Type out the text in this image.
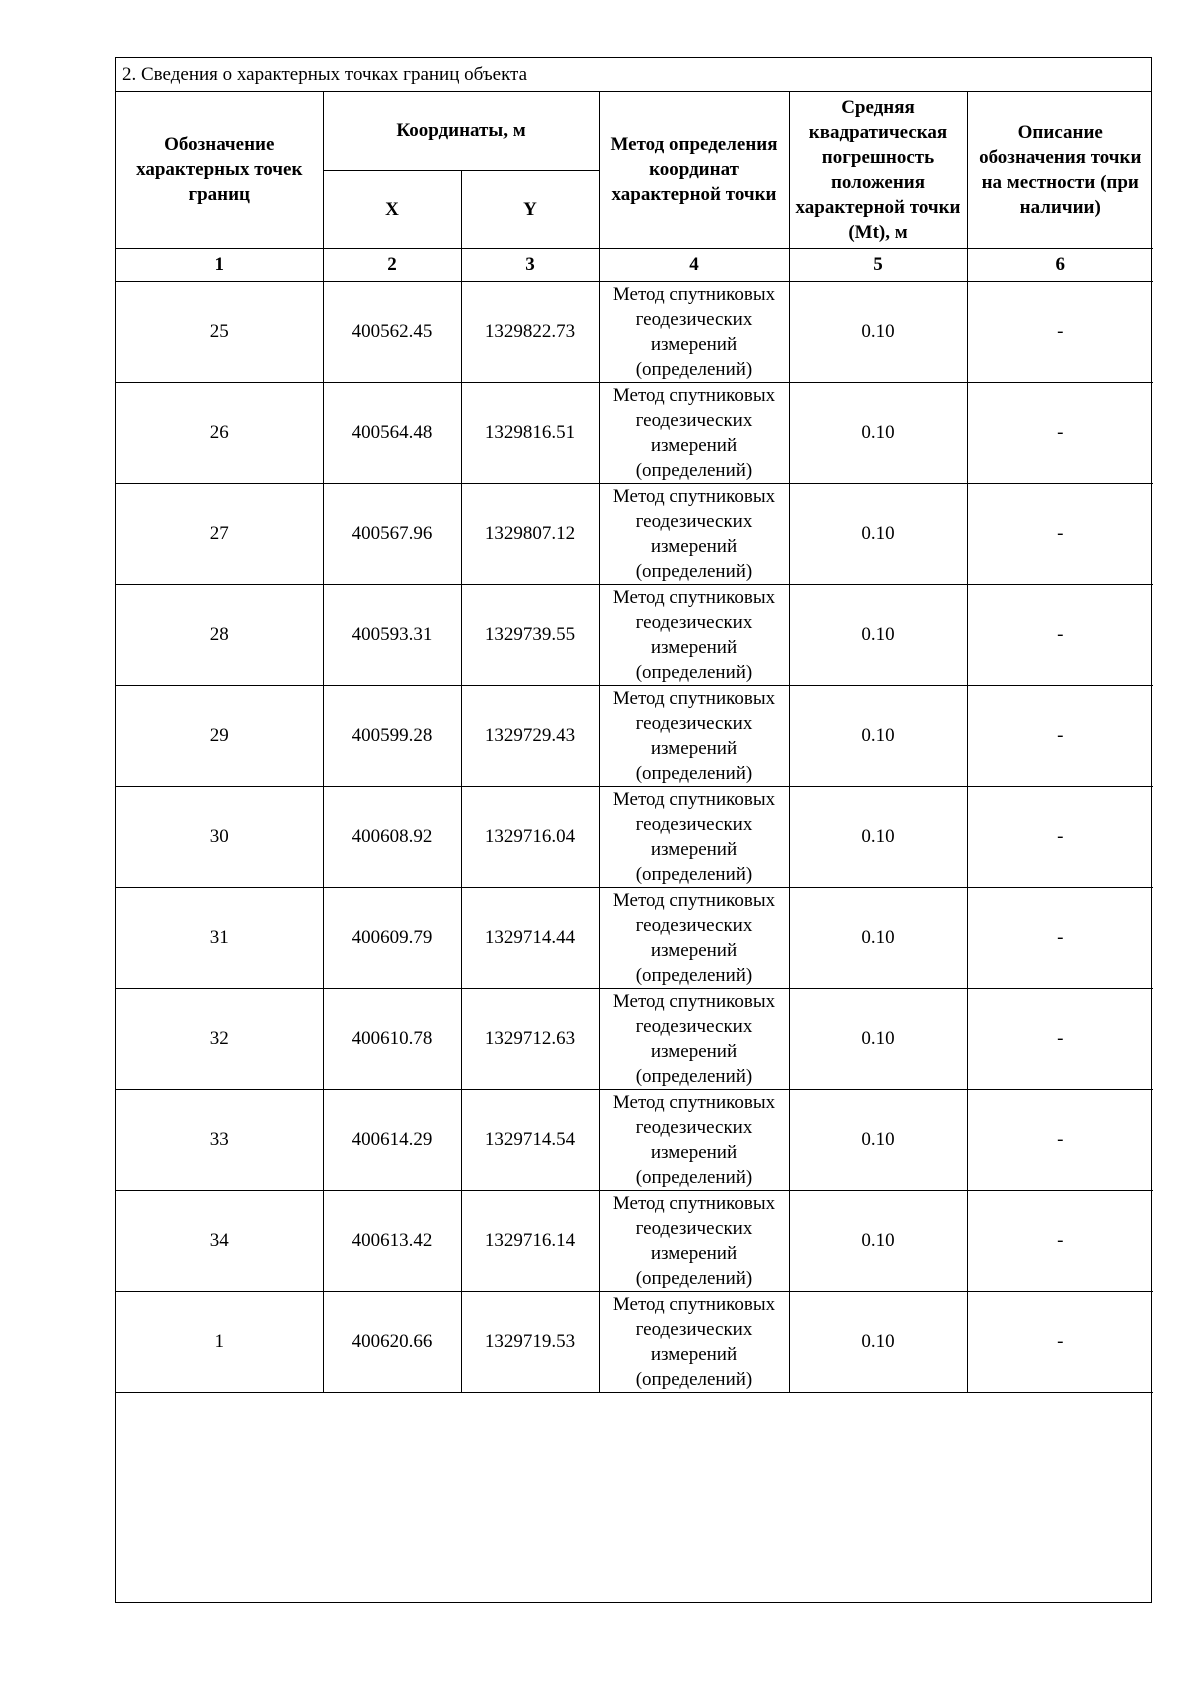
2. Сведения о характерных точках границ объекта
Обозначение характерных точек границ	Координаты, м		Метод определения координат характерной точки	Средняя квадратическая погрешность положения характерной точки (Mt), м	Описание обозначения точки на местности (при наличии)
	X	Y			
1	2	3	4	5	6
25	400562.45	1329822.73	Метод спутниковых геодезических измерений (определений)	0.10	-
26	400564.48	1329816.51	Метод спутниковых геодезических измерений (определений)	0.10	-
27	400567.96	1329807.12	Метод спутниковых геодезических измерений (определений)	0.10	-
28	400593.31	1329739.55	Метод спутниковых геодезических измерений (определений)	0.10	-
29	400599.28	1329729.43	Метод спутниковых геодезических измерений (определений)	0.10	-
30	400608.92	1329716.04	Метод спутниковых геодезических измерений (определений)	0.10	-
31	400609.79	1329714.44	Метод спутниковых геодезических измерений (определений)	0.10	-
32	400610.78	1329712.63	Метод спутниковых геодезических измерений (определений)	0.10	-
33	400614.29	1329714.54	Метод спутниковых геодезических измерений (определений)	0.10	-
34	400613.42	1329716.14	Метод спутниковых геодезических измерений (определений)	0.10	-
1	400620.66	1329719.53	Метод спутниковых геодезических измерений (определений)	0.10	-
